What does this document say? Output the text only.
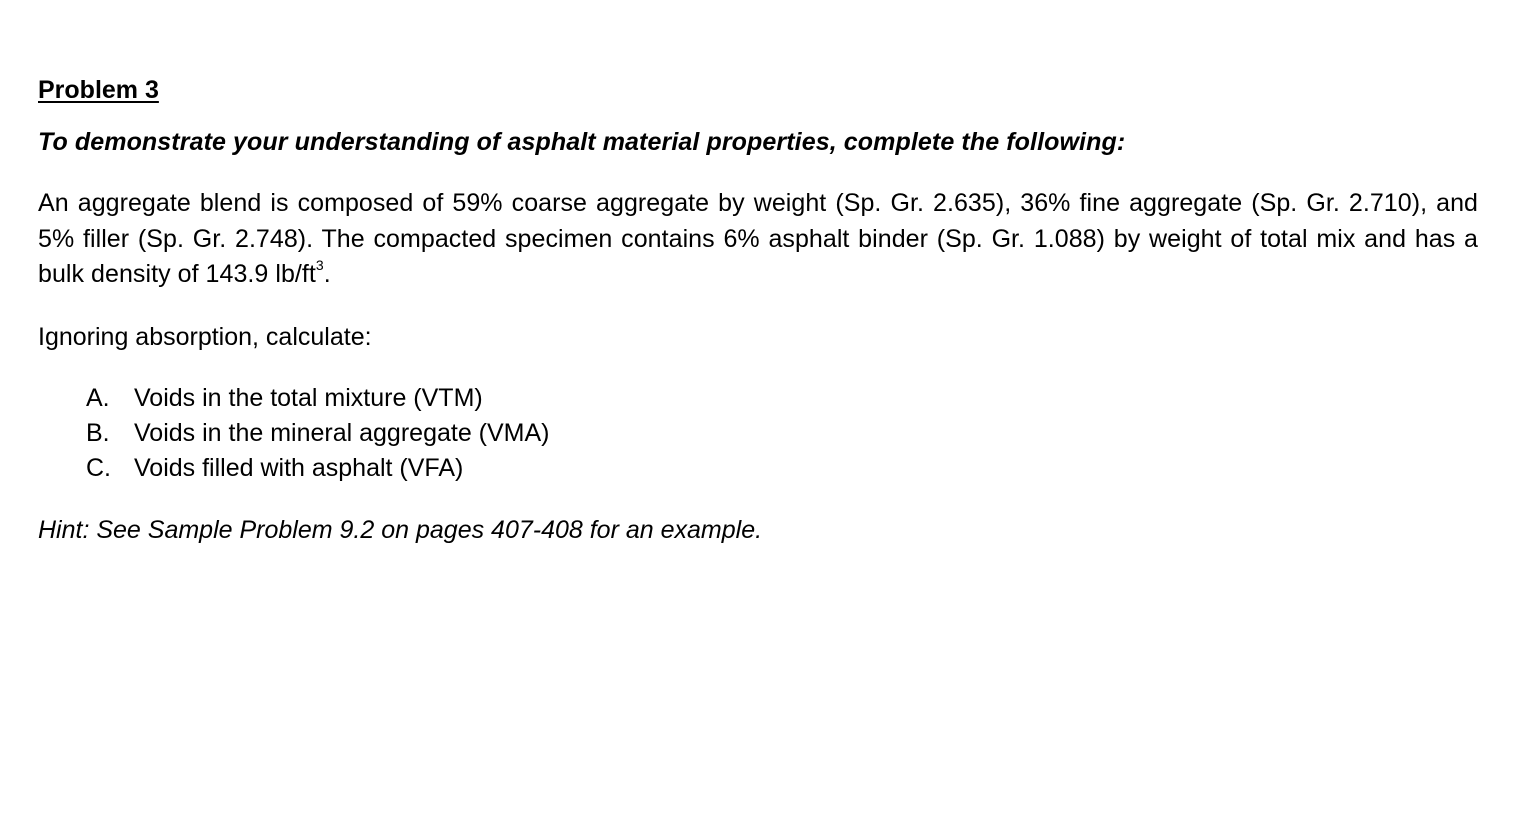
Problem 3

To demonstrate your understanding of asphalt material properties, complete the following:

An aggregate blend is composed of 59% coarse aggregate by weight (Sp. Gr. 2.635), 36% fine aggregate (Sp. Gr. 2.710), and 5% filler (Sp. Gr. 2.748). The compacted specimen contains 6% asphalt binder (Sp. Gr. 1.088) by weight of total mix and has a bulk density of 143.9 $lb/ft^3$.

Ignoring absorption, calculate:

A. Voids in the total mixture (VTM)
B. Voids in the mineral aggregate (VMA)
C. Voids filled with asphalt (VFA)

Hint: See Sample Problem 9.2 on pages 407-408 for an example.
